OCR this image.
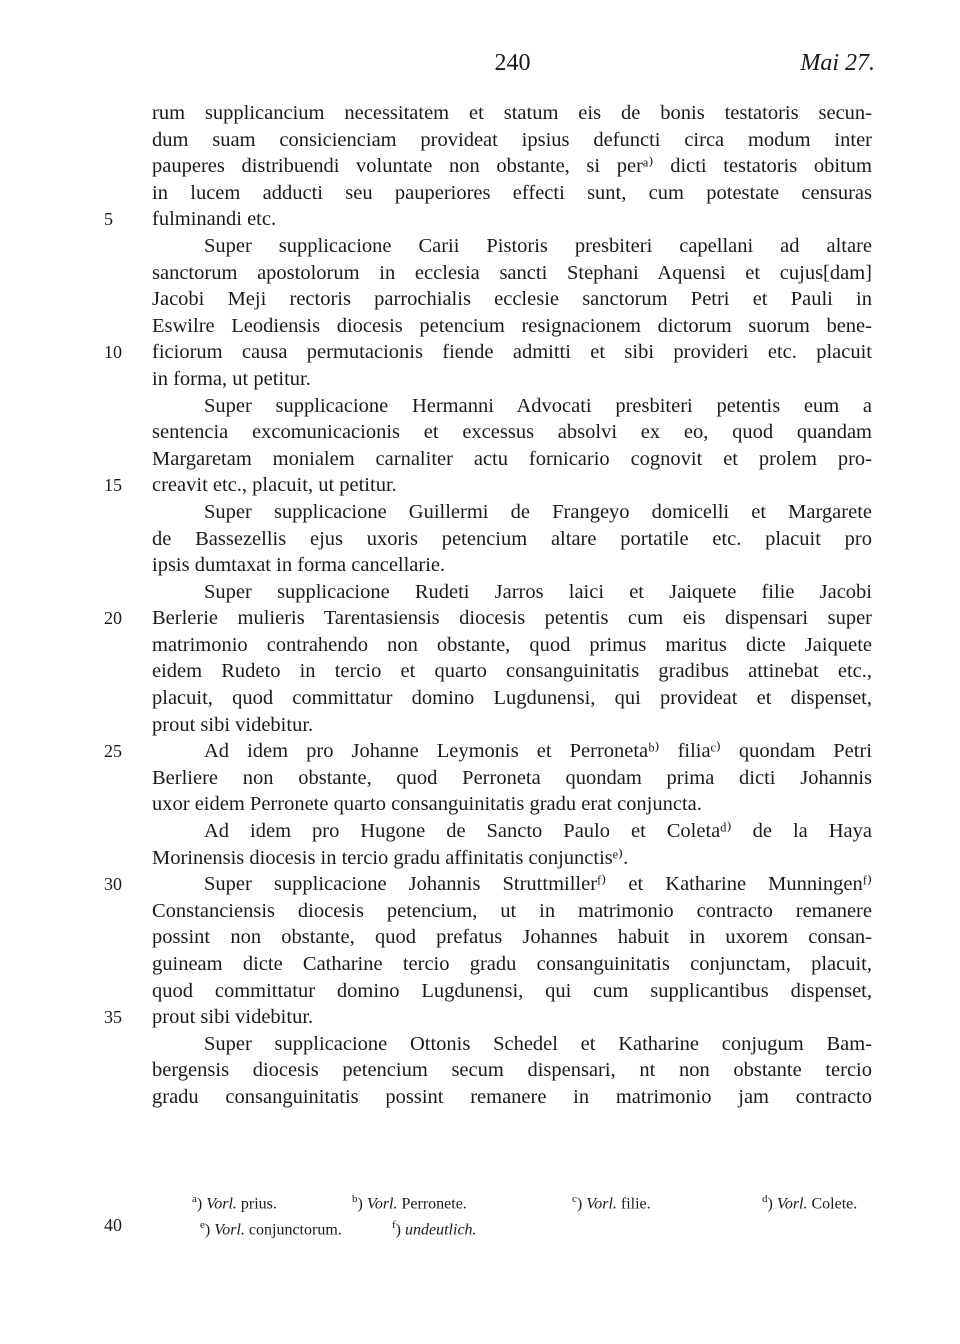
240	Mai 27.
rum supplicancium necessitatem et statum eis de bonis testatoris secun-
dum suam consicienciam provideat ipsius defuncti circa modum inter
pauperes distribuendi voluntate non obstante, si perᵃ⁾ dicti testatoris obitum
in lucem adducti seu pauperiores effecti sunt, cum potestate censuras
5	fulminandi etc.
Super supplicacione Carii Pistoris presbiteri capellani ad altare
sanctorum apostolorum in ecclesia sancti Stephani Aquensi et cujus[dam]
Jacobi Meji rectoris parrochialis ecclesie sanctorum Petri et Pauli in
Eswilre Leodiensis diocesis petencium resignacionem dictorum suorum bene-
10	ficiorum causa permutacionis fiende admitti et sibi provideri etc. placuit
in forma, ut petitur.
Super supplicacione Hermanni Advocati presbiteri petentis eum a
sentencia excomunicacionis et excessus absolvi ex eo, quod quandam
Margaretam monialem carnaliter actu fornicario cognovit et prolem pro-
15	creavit etc., placuit, ut petitur.
Super supplicacione Guillermi de Frangeyo domicelli et Margarete
de Bassezellis ejus uxoris petencium altare portatile etc. placuit pro
ipsis dumtaxat in forma cancellarie.
Super supplicacione Rudeti Jarros laici et Jaiquete filie Jacobi
20	Berlerie mulieris Tarentasiensis diocesis petentis cum eis dispensari super
matrimonio contrahendo non obstante, quod primus maritus dicte Jaiquete
eidem Rudeto in tercio et quarto consanguinitatis gradibus attinebat etc.,
placuit, quod committatur domino Lugdunensi, qui provideat et dispenset,
prout sibi videbitur.
25	Ad idem pro Johanne Leymonis et Perronetaᵇ⁾ filiaᶜ⁾ quondam Petri
Berliere non obstante, quod Perroneta quondam prima dicti Johannis
uxor eidem Perronete quarto consanguinitatis gradu erat conjuncta.
Ad idem pro Hugone de Sancto Paulo et Coletaᵈ⁾ de la Haya
Morinensis diocesis in tercio gradu affinitatis conjunctisᵉ⁾.
30	Super supplicacione Johannis Struttmillerᶠ⁾ et Katharine Munningenᶠ⁾
Constanciensis diocesis petencium, ut in matrimonio contracto remanere
possint non obstante, quod prefatus Johannes habuit in uxorem consan-
guineam dicte Catharine tercio gradu consanguinitatis conjunctam, placuit,
quod committatur domino Lugdunensi, qui cum supplicantibus dispenset,
35	prout sibi videbitur.
Super supplicacione Ottonis Schedel et Katharine conjugum Bam-
bergensis diocesis petencium secum dispensari, nt non obstante tercio
gradu consanguinitatis possint remanere in matrimonio jam contracto
$^a$) Vorl. prius.	$^b$) Vorl. Perronete.	$^c$) Vorl. filie.	$^d$) Vorl. Colete.
40	$^e$) Vorl. conjunctorum.	$^f$) undeutlich.
